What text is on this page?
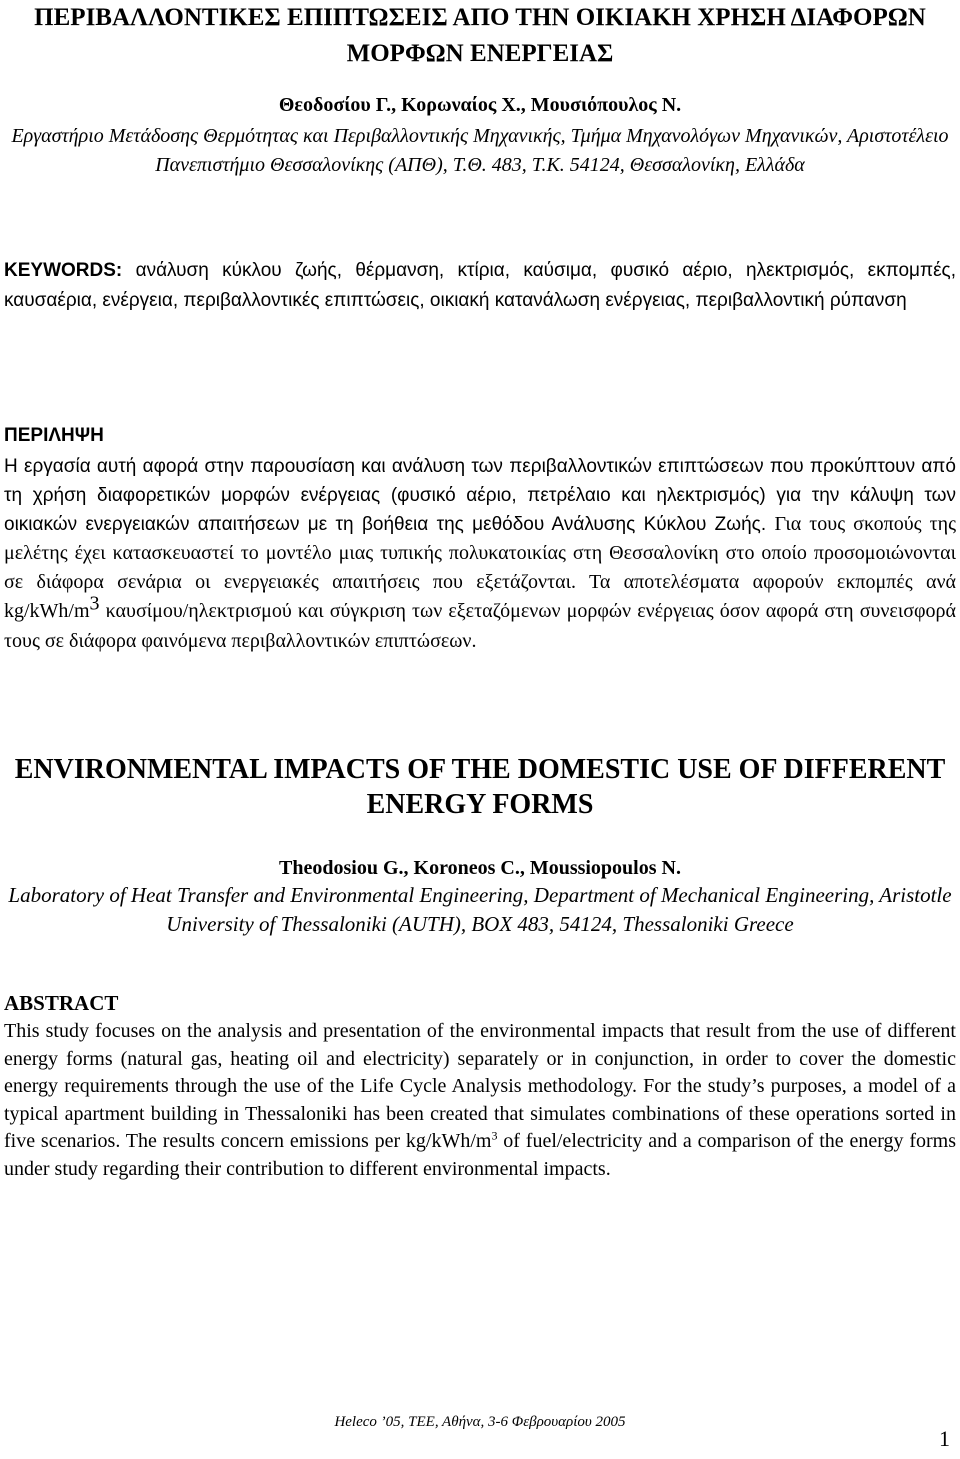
ΠΕΡΙΒΑΛΛΟΝΤΙΚΕΣ ΕΠΙΠΤΩΣΕΙΣ ΑΠΟ ΤΗΝ ΟΙΚΙΑΚΗ ΧΡΗΣΗ ΔΙΑΦΟΡΩΝ ΜΟΡΦΩΝ ΕΝΕΡΓΕΙΑΣ
Θεοδοσίου Γ., Κορωναίος Χ., Μουσιόπουλος Ν.
Εργαστήριο Μετάδοσης Θερμότητας και Περιβαλλοντικής Μηχανικής, Τμήμα Μηχανολόγων Μηχανικών, Αριστοτέλειο Πανεπιστήμιο Θεσσαλονίκης (ΑΠΘ), Τ.Θ. 483, Τ.Κ. 54124, Θεσσαλονίκη, Ελλάδα
KEYWORDS: ανάλυση κύκλου ζωής, θέρμανση, κτίρια, καύσιμα, φυσικό αέριο, ηλεκτρισμός, εκπομπές, καυσαέρια, ενέργεια, περιβαλλοντικές επιπτώσεις, οικιακή κατανάλωση ενέργειας, περιβαλλοντική ρύπανση
ΠΕΡΙΛΗΨΗ
Η εργασία αυτή αφορά στην παρουσίαση και ανάλυση των περιβαλλοντικών επιπτώσεων που προκύπτουν από τη χρήση διαφορετικών μορφών ενέργειας (φυσικό αέριο, πετρέλαιο και ηλεκτρισμός) για την κάλυψη των οικιακών ενεργειακών απαιτήσεων με τη βοήθεια της μεθόδου Ανάλυσης Κύκλου Ζωής. Για τους σκοπούς της μελέτης έχει κατασκευαστεί το μοντέλο μιας τυπικής πολυκατοικίας στη Θεσσαλονίκη στο οποίο προσομοιώνονται σε διάφορα σενάρια οι ενεργειακές απαιτήσεις που εξετάζονται. Τα αποτελέσματα αφορούν εκπομπές ανά $kg/kWh/m^3$ καυσίμου/ηλεκτρισμού και σύγκριση των εξεταζόμενων μορφών ενέργειας όσον αφορά στη συνεισφορά τους σε διάφορα φαινόμενα περιβαλλοντικών επιπτώσεων.
ENVIRONMENTAL IMPACTS OF THE DOMESTIC USE OF DIFFERENT ENERGY FORMS
Theodosiou G., Koroneos C., Moussiopoulos N.
Laboratory of Heat Transfer and Environmental Engineering, Department of Mechanical Engineering, Aristotle University of Thessaloniki (AUTH), BOX 483, 54124, Thessaloniki Greece
ABSTRACT
This study focuses on the analysis and presentation of the environmental impacts that result from the use of different energy forms (natural gas, heating oil and electricity) separately or in conjunction, in order to cover the domestic energy requirements through the use of the Life Cycle Analysis methodology. For the study’s purposes, a model of a typical apartment building in Thessaloniki has been created that simulates combinations of these operations sorted in five scenarios. The results concern emissions per $kg/kWh/m^3$ of fuel/electricity and a comparison of the energy forms under study regarding their contribution to different environmental impacts.
Heleco ’05, ΤΕΕ, Αθήνα, 3-6 Φεβρουαρίου 2005
1
